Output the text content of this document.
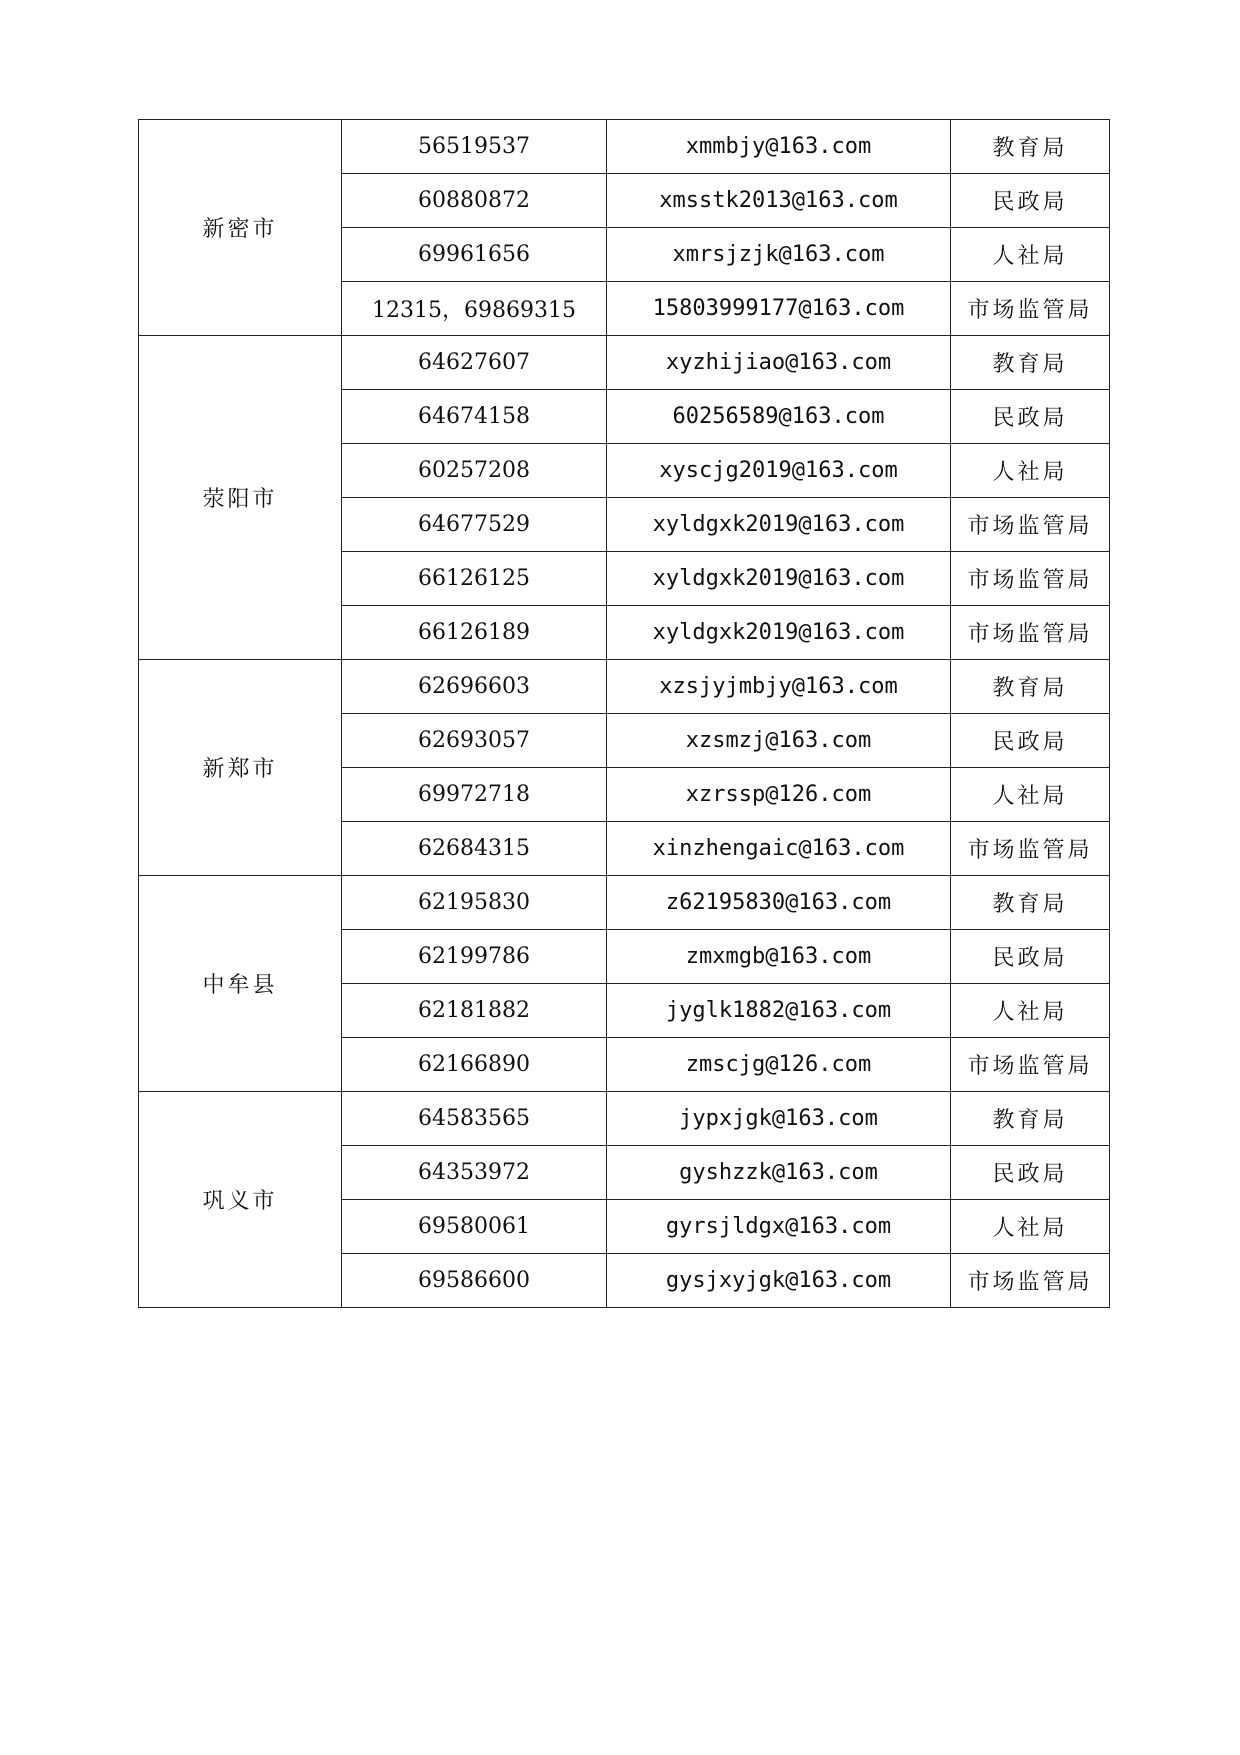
新密市	56519537	xmmbjy@163.com	教育局
	60880872	xmsstk2013@163.com	民政局
	69961656	xmrsjzjk@163.com	人社局
	12315，69869315	15803999177@163.com	市场监管局
荥阳市	64627607	xyzhijiao@163.com	教育局
	64674158	60256589@163.com	民政局
	60257208	xyscjg2019@163.com	人社局
	64677529	xyldgxk2019@163.com	市场监管局
	66126125	xyldgxk2019@163.com	市场监管局
	66126189	xyldgxk2019@163.com	市场监管局
新郑市	62696603	xzsjyjmbjy@163.com	教育局
	62693057	xzsmzj@163.com	民政局
	69972718	xzrssp@126.com	人社局
	62684315	xinzhengaic@163.com	市场监管局
中牟县	62195830	z62195830@163.com	教育局
	62199786	zmxmgb@163.com	民政局
	62181882	jyglk1882@163.com	人社局
	62166890	zmscjg@126.com	市场监管局
巩义市	64583565	jypxjgk@163.com	教育局
	64353972	gyshzzk@163.com	民政局
	69580061	gyrsjldgx@163.com	人社局
	69586600	gysjxyjgk@163.com	市场监管局
